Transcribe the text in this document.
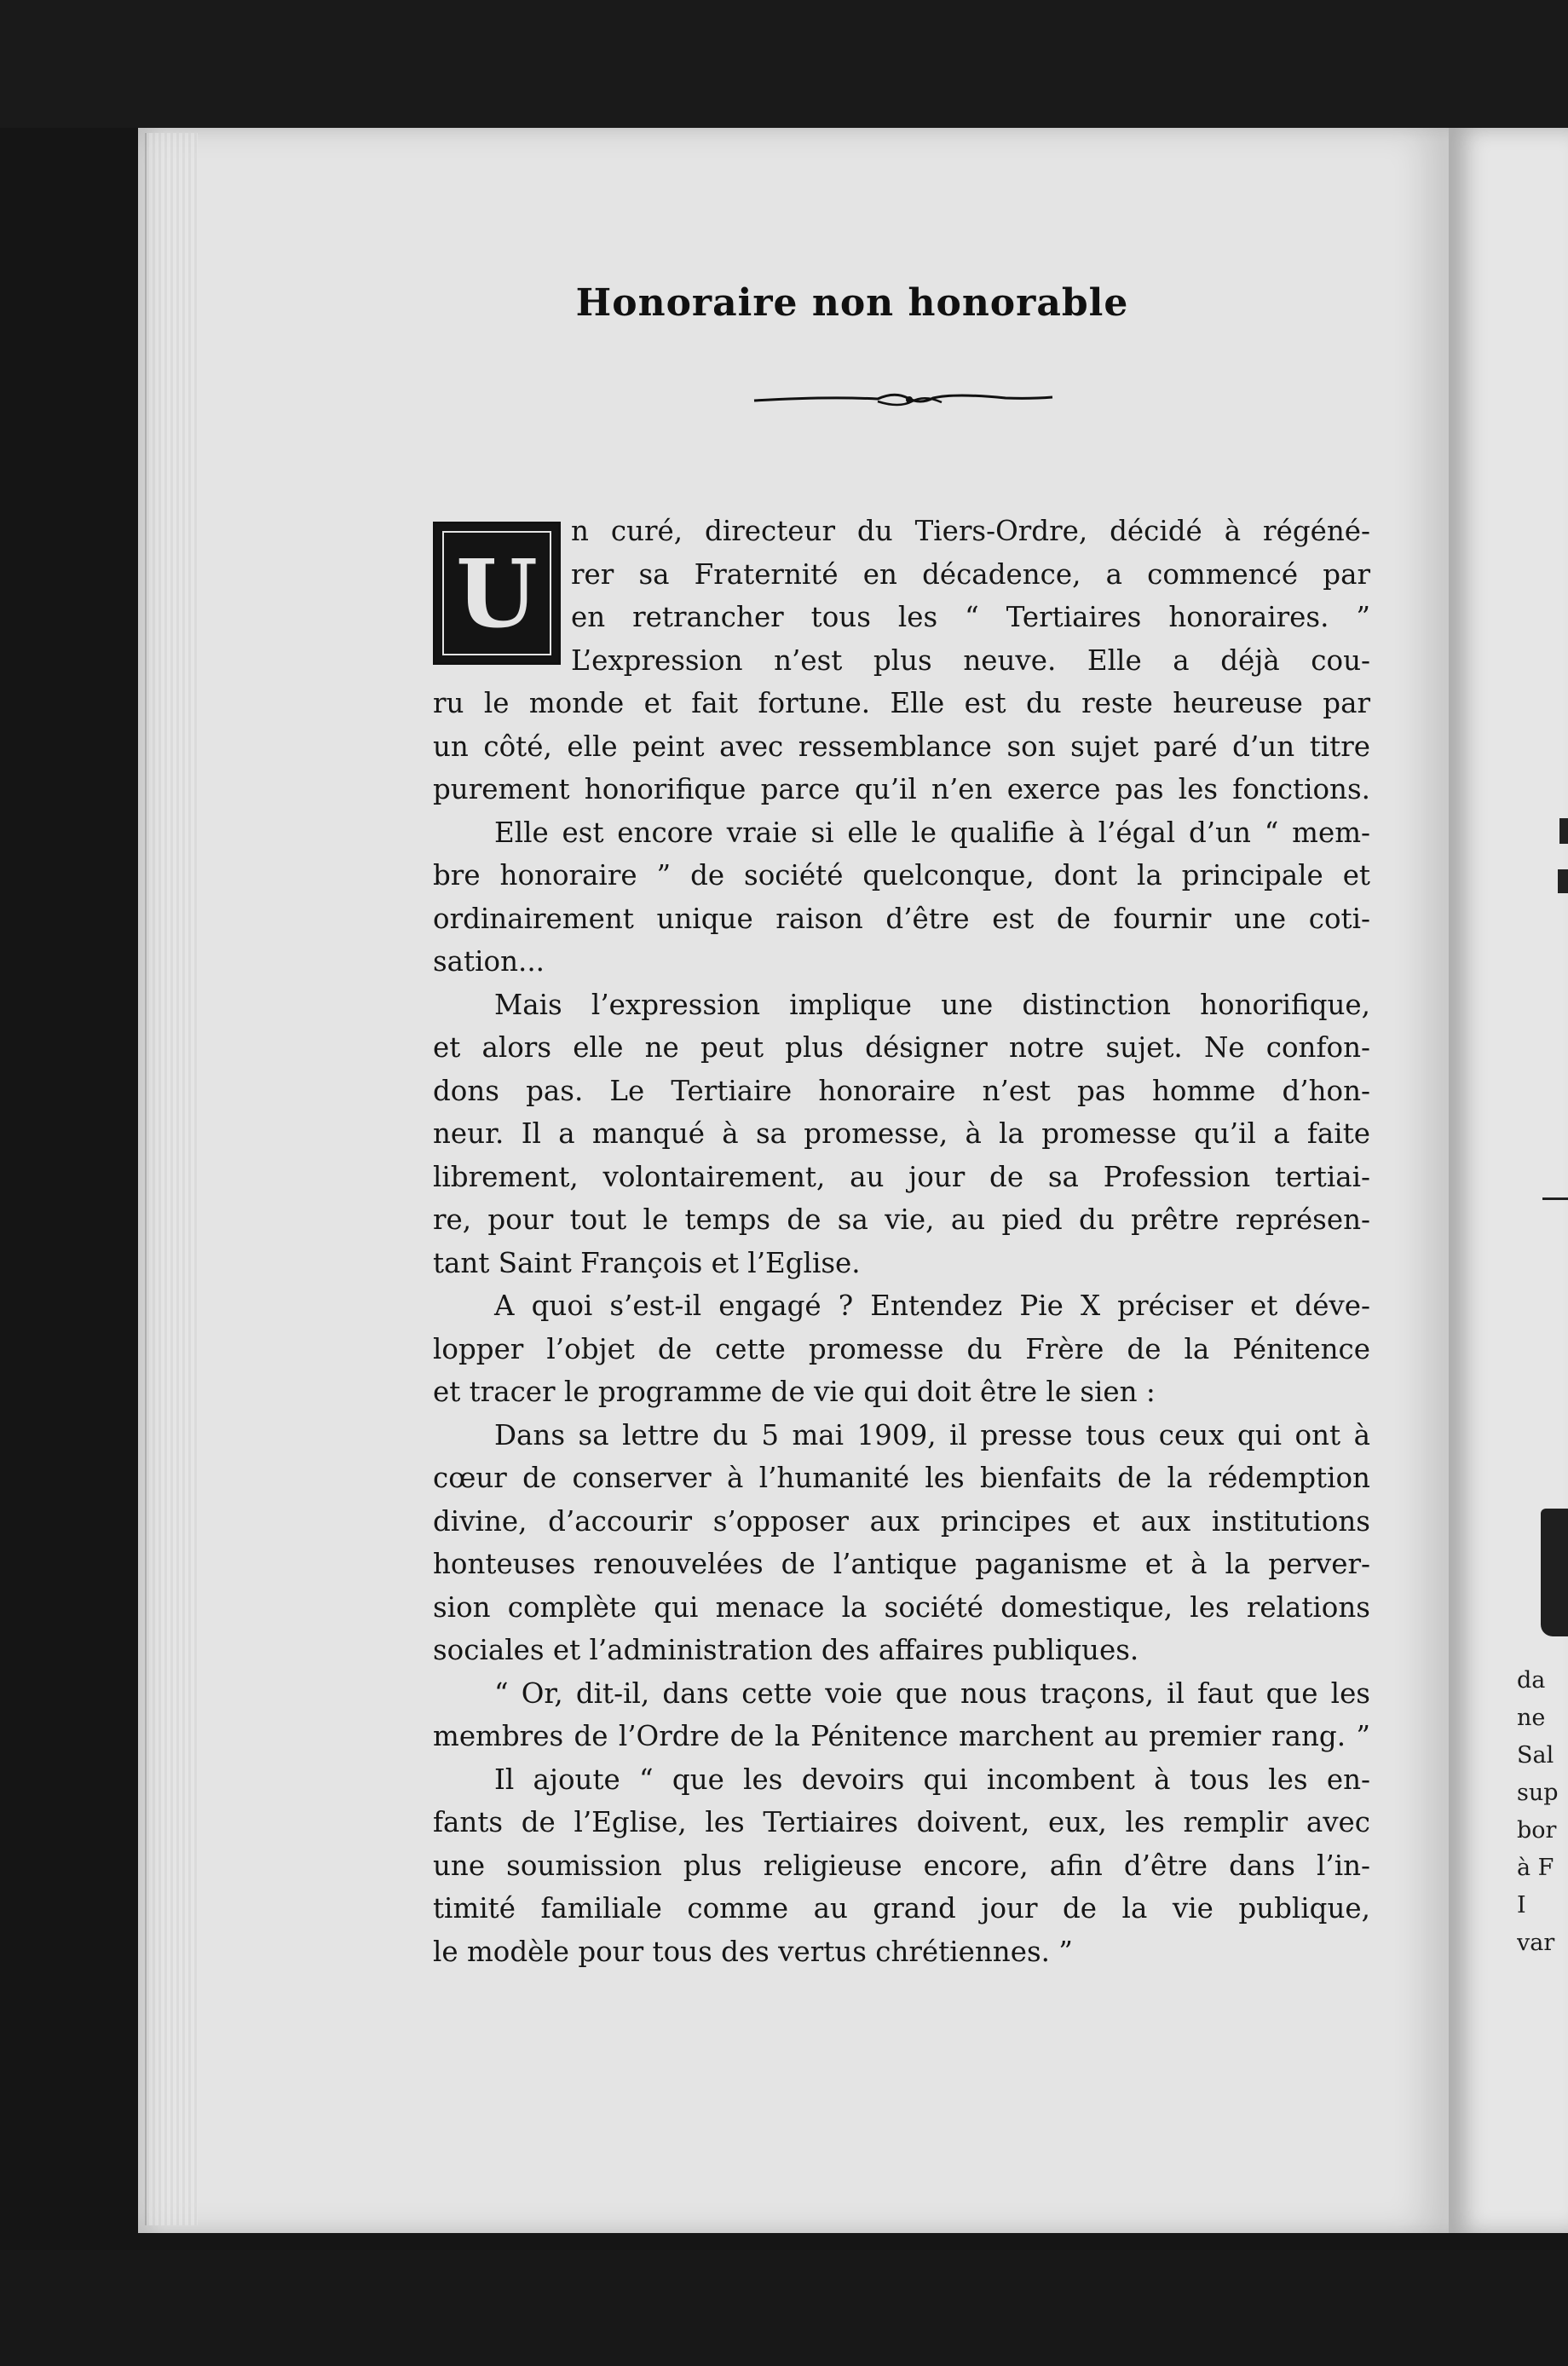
da
ne
Sal
sup
bor
à F
I
var
Honoraire non honorable
U
n curé, directeur du Tiers-Ordre, décidé à régéné-
rer sa Fraternité en décadence, a commencé par
en retrancher tous les “ Tertiaires honoraires. ”
L’expression n’est plus neuve. Elle a déjà cou-
ru le monde et fait fortune. Elle est du reste heureuse par
un côté, elle peint avec ressemblance son sujet paré d’un titre
purement honorifique parce qu’il n’en exerce pas les fonctions.
Elle est encore vraie si elle le qualifie à l’égal d’un “ mem-
bre honoraire ” de société quelconque, dont la principale et
ordinairement unique raison d’être est de fournir une coti-
sation...
Mais l’expression implique une distinction honorifique,
et alors elle ne peut plus désigner notre sujet. Ne confon-
dons pas. Le Tertiaire honoraire n’est pas homme d’hon-
neur. Il a manqué à sa promesse, à la promesse qu’il a faite
librement, volontairement, au jour de sa Profession tertiai-
re, pour tout le temps de sa vie, au pied du prêtre représen-
tant Saint François et l’Eglise.
A quoi s’est-il engagé ? Entendez Pie X préciser et déve-
lopper l’objet de cette promesse du Frère de la Pénitence
et tracer le programme de vie qui doit être le sien :
Dans sa lettre du 5 mai 1909, il presse tous ceux qui ont à
cœur de conserver à l’humanité les bienfaits de la rédemption
divine, d’accourir s’opposer aux principes et aux institutions
honteuses renouvelées de l’antique paganisme et à la perver-
sion complète qui menace la société domestique, les relations
sociales et l’administration des affaires publiques.
“ Or, dit-il, dans cette voie que nous traçons, il faut que les
membres de l’Ordre de la Pénitence marchent au premier rang. ”
Il ajoute “ que les devoirs qui incombent à tous les en-
fants de l’Eglise, les Tertiaires doivent, eux, les remplir avec
une soumission plus religieuse encore, afin d’être dans l’in-
timité familiale comme au grand jour de la vie publique,
le modèle pour tous des vertus chrétiennes. ”
